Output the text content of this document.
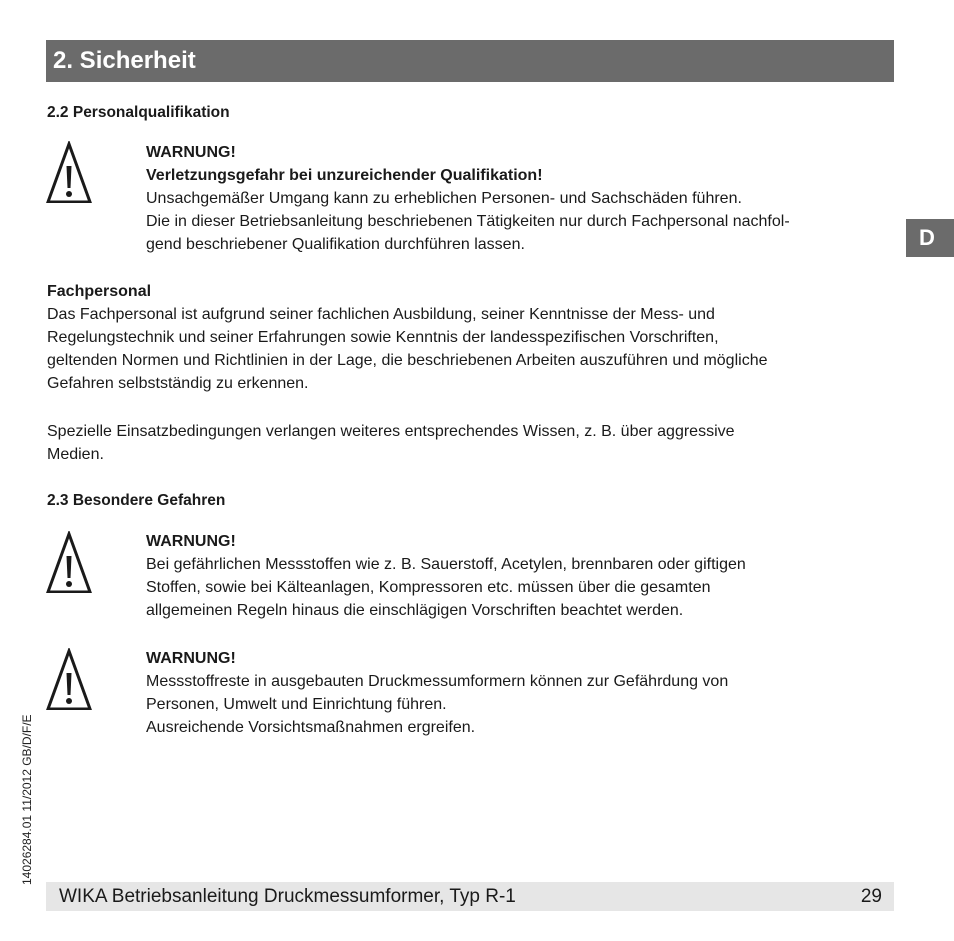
2. Sicherheit
D
14026284.01 11/2012 GB/D/F/E
2.2 Personalqualifikation
WARNUNG!
Verletzungsgefahr bei unzureichender Qualifikation!
Unsachgemäßer Umgang kann zu erheblichen Personen- und Sachschäden führen.
Die in dieser Betriebsanleitung beschriebenen Tätigkeiten nur durch Fachpersonal nachfol-
gend beschriebener Qualifikation durchführen lassen.
Fachpersonal
Das Fachpersonal ist aufgrund seiner fachlichen Ausbildung, seiner Kenntnisse der Mess- und
Regelungstechnik und seiner Erfahrungen sowie Kenntnis der landesspezifischen Vorschriften,
geltenden Normen und Richtlinien in der Lage, die beschriebenen Arbeiten auszuführen und mögliche
Gefahren selbstständig zu erkennen.
Spezielle Einsatzbedingungen verlangen weiteres entsprechendes Wissen, z. B. über aggressive
Medien.
2.3 Besondere Gefahren
WARNUNG!
Bei gefährlichen Messstoffen wie z. B. Sauerstoff, Acetylen, brennbaren oder giftigen
Stoffen, sowie bei Kälteanlagen, Kompressoren etc. müssen über die gesamten
allgemeinen Regeln hinaus die einschlägigen Vorschriften beachtet werden.
WARNUNG!
Messstoffreste in ausgebauten Druckmessumformern können zur Gefährdung von
Personen, Umwelt und Einrichtung führen.
Ausreichende Vorsichtsmaßnahmen ergreifen.
WIKA Betriebsanleitung Druckmessumformer, Typ R-1	29
